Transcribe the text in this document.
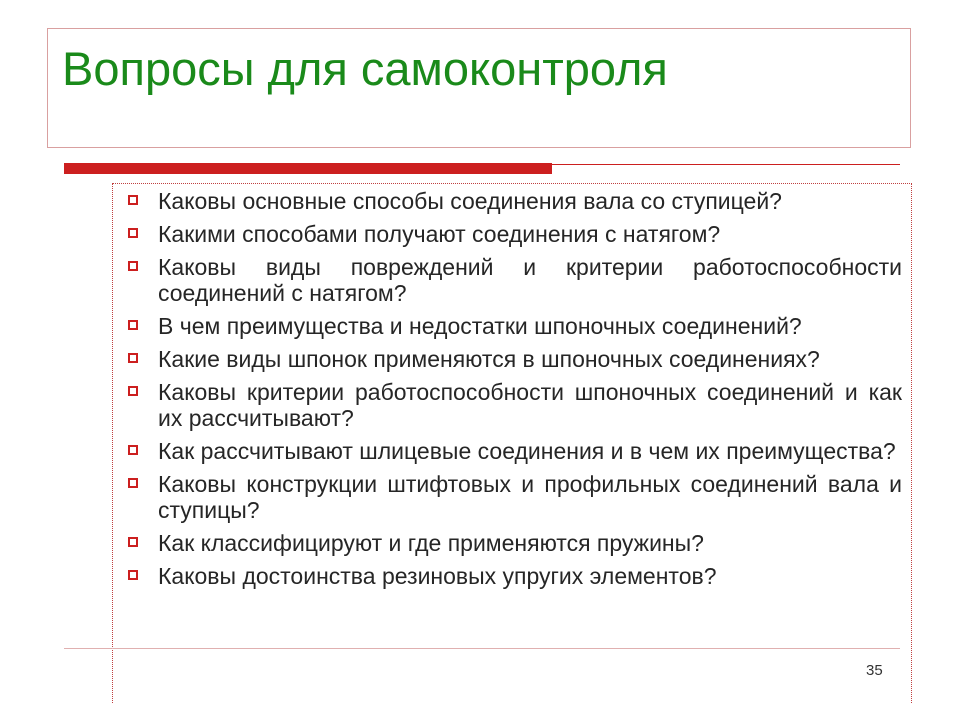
Вопросы для самоконтроля
Каковы основные способы соединения вала со ступицей?
Какими способами получают соединения с натягом?
Каковы виды повреждений и критерии работоспособности соединений с натягом?
В чем преимущества и недостатки шпоночных соединений?
Какие виды шпонок применяются в шпоночных соединениях?
Каковы критерии работоспособности шпоночных соединений и как их рассчитывают?
Как рассчитывают шлицевые соединения и в чем их преимущества?
Каковы конструкции штифтовых и профильных соединений вала и ступицы?
Как классифицируют и где применяются пружины?
Каковы достоинства резиновых упругих элементов?
35
